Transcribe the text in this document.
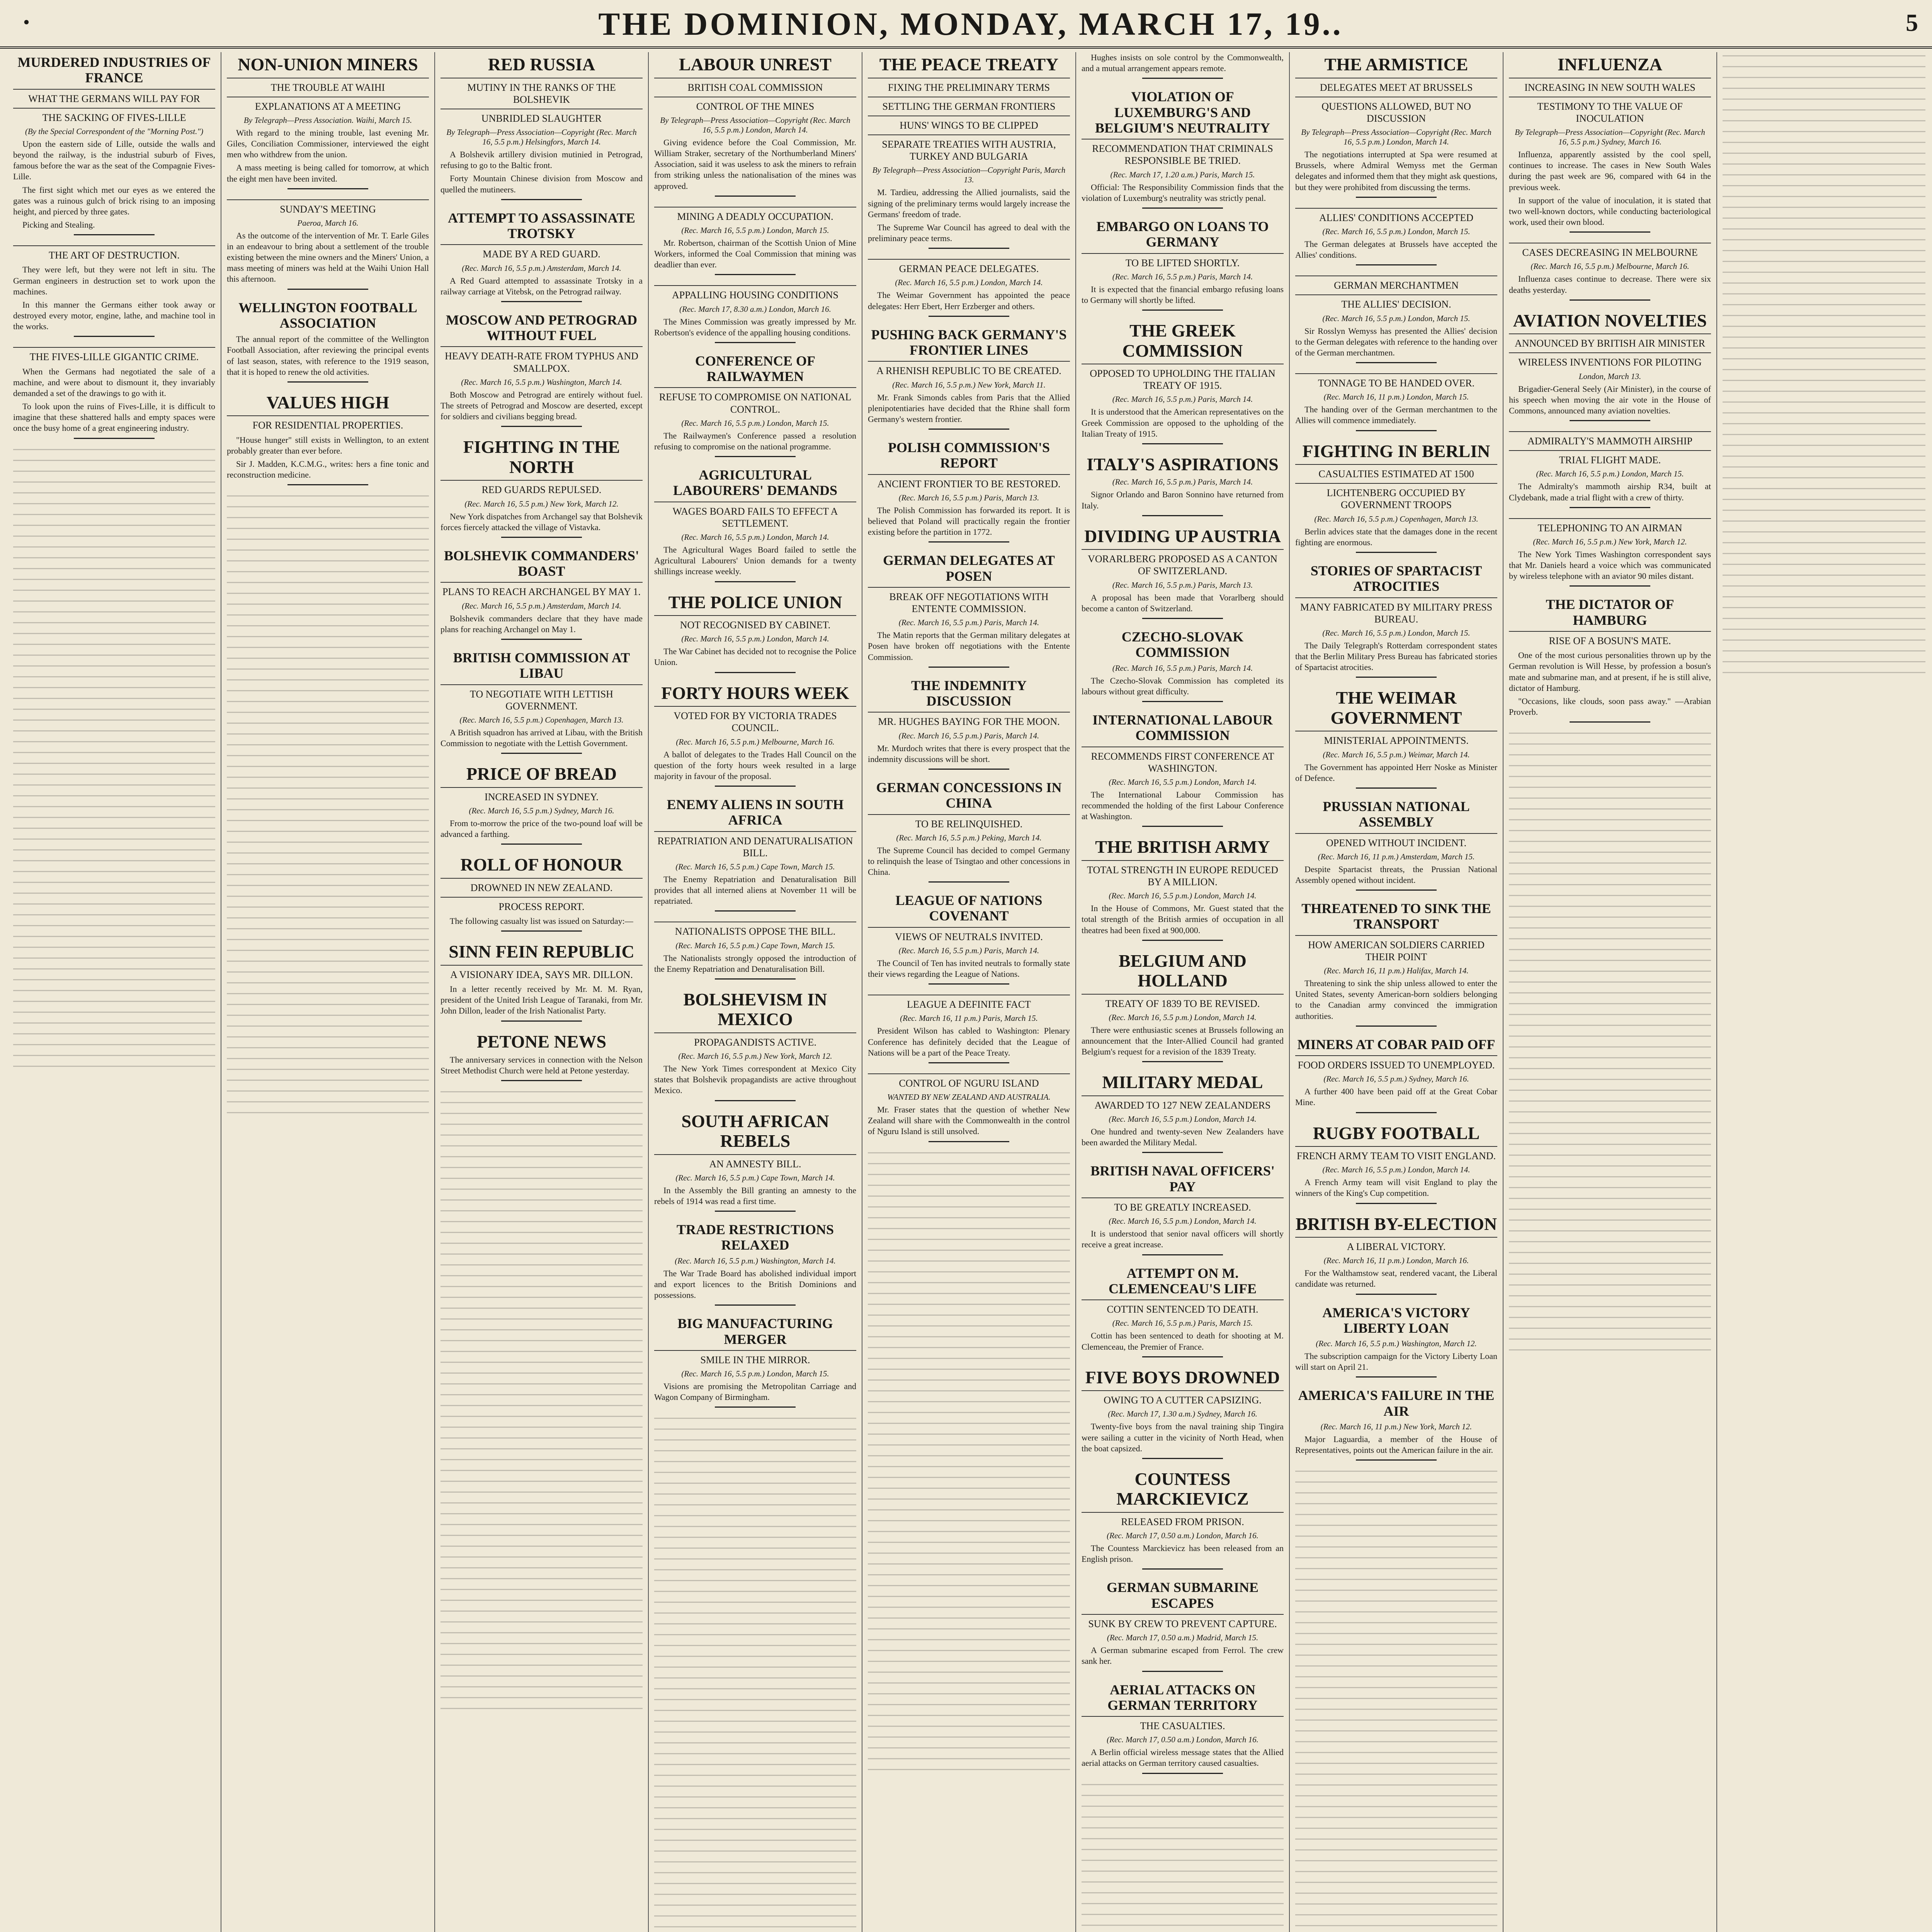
•	THE DOMINION, MONDAY, MARCH 17, 19..	5
MURDERED INDUSTRIES OF FRANCE
WHAT THE GERMANS WILL PAY FOR
THE SACKING OF FIVES-LILLE
(By the Special Correspondent of the "Morning Post.")

Upon the eastern side of Lille, outside the walls and beyond the railway, is the industrial suburb of Fives, famous before the war as the seat of the Compagnie Fives-Lille.

The first sight which met our eyes as we entered the gates was a ruinous gulch of brick rising to an imposing height, and pierced by three gates.

Picking and Stealing.

THE ART OF DESTRUCTION.

They were left, but they were not left in situ. The German engineers in destruction set to work upon the machines.

In this manner the Germans either took away or destroyed every motor, engine, lathe, and machine tool in the works.

THE FIVES-LILLE GIGANTIC CRIME.

When the Germans had negotiated the sale of a machine, and were about to dismount it, they invariably demanded a set of the drawings to go with it.

To look upon the ruins of Fives-Lille, it is difficult to imagine that these shattered halls and empty spaces were once the busy home of a great engineering industry.

NON-UNION MINERS
THE TROUBLE AT WAIHI
EXPLANATIONS AT A MEETING
By Telegraph—Press Association. Waihi, March 15.

With regard to the mining trouble, last evening Mr. Giles, Conciliation Commissioner, interviewed the eight men who withdrew from the union.

A mass meeting is being called for tomorrow, at which the eight men have been invited.

SUNDAY'S MEETING
Paeroa, March 16.

As the outcome of the intervention of Mr. T. Earle Giles in an endeavour to bring about a settlement of the trouble existing between the mine owners and the Miners' Union, a mass meeting of miners was held at the Waihi Union Hall this afternoon.

WELLINGTON FOOTBALL ASSOCIATION

The annual report of the committee of the Wellington Football Association, after reviewing the principal events of last season, states, with reference to the 1919 season, that it is hoped to renew the old activities.

VALUES HIGH
FOR RESIDENTIAL PROPERTIES.

"House hunger" still exists in Wellington, to an extent probably greater than ever before.

Sir J. Madden, K.C.M.G., writes: hers a fine tonic and reconstruction medicine.

RED RUSSIA
MUTINY IN THE RANKS OF THE BOLSHEVIK
UNBRIDLED SLAUGHTER
By Telegraph—Press Association—Copyright (Rec. March 16, 5.5 p.m.) Helsingfors, March 14.

A Bolshevik artillery division mutinied in Petrograd, refusing to go to the Baltic front.

Forty Mountain Chinese division from Moscow and quelled the mutineers.

ATTEMPT TO ASSASSINATE TROTSKY
MADE BY A RED GUARD.
(Rec. March 16, 5.5 p.m.) Amsterdam, March 14.

A Red Guard attempted to assassinate Trotsky in a railway carriage at Vitebsk, on the Petrograd railway.

MOSCOW AND PETROGRAD WITHOUT FUEL
HEAVY DEATH-RATE FROM TYPHUS AND SMALLPOX.
(Rec. March 16, 5.5 p.m.) Washington, March 14.

Both Moscow and Petrograd are entirely without fuel. The streets of Petrograd and Moscow are deserted, except for soldiers and civilians begging bread.

FIGHTING IN THE NORTH
RED GUARDS REPULSED.
(Rec. March 16, 5.5 p.m.) New York, March 12.

New York dispatches from Archangel say that Bolshevik forces fiercely attacked the village of Vistavka.

BOLSHEVIK COMMANDERS' BOAST
PLANS TO REACH ARCHANGEL BY MAY 1.
(Rec. March 16, 5.5 p.m.) Amsterdam, March 14.

Bolshevik commanders declare that they have made plans for reaching Archangel on May 1.

BRITISH COMMISSION AT LIBAU
TO NEGOTIATE WITH LETTISH GOVERNMENT.
(Rec. March 16, 5.5 p.m.) Copenhagen, March 13.

A British squadron has arrived at Libau, with the British Commission to negotiate with the Lettish Government.

PRICE OF BREAD
INCREASED IN SYDNEY.
(Rec. March 16, 5.5 p.m.) Sydney, March 16.

From to-morrow the price of the two-pound loaf will be advanced a farthing.

ROLL OF HONOUR
DROWNED IN NEW ZEALAND.
PROCESS REPORT.

The following casualty list was issued on Saturday:—

SINN FEIN REPUBLIC
A VISIONARY IDEA, SAYS MR. DILLON.

In a letter recently received by Mr. M. M. Ryan, president of the United Irish League of Taranaki, from Mr. John Dillon, leader of the Irish Nationalist Party.

PETONE NEWS

The anniversary services in connection with the Nelson Street Methodist Church were held at Petone yesterday.

LABOUR UNREST
BRITISH COAL COMMISSION
CONTROL OF THE MINES
By Telegraph—Press Association—Copyright (Rec. March 16, 5.5 p.m.) London, March 14.

Giving evidence before the Coal Commission, Mr. William Straker, secretary of the Northumberland Miners' Association, said it was useless to ask the miners to refrain from striking unless the nationalisation of the mines was approved.

MINING A DEADLY OCCUPATION.
(Rec. March 16, 5.5 p.m.) London, March 15.

Mr. Robertson, chairman of the Scottish Union of Mine Workers, informed the Coal Commission that mining was deadlier than ever.

APPALLING HOUSING CONDITIONS
(Rec. March 17, 8.30 a.m.) London, March 16.

The Mines Commission was greatly impressed by Mr. Robertson's evidence of the appalling housing conditions.

CONFERENCE OF RAILWAYMEN
REFUSE TO COMPROMISE ON NATIONAL CONTROL.
(Rec. March 16, 5.5 p.m.) London, March 15.

The Railwaymen's Conference passed a resolution refusing to compromise on the national programme.

AGRICULTURAL LABOURERS' DEMANDS
WAGES BOARD FAILS TO EFFECT A SETTLEMENT.
(Rec. March 16, 5.5 p.m.) London, March 14.

The Agricultural Wages Board failed to settle the Agricultural Labourers' Union demands for a twenty shillings increase weekly.

THE POLICE UNION
NOT RECOGNISED BY CABINET.
(Rec. March 16, 5.5 p.m.) London, March 14.

The War Cabinet has decided not to recognise the Police Union.

FORTY HOURS WEEK
VOTED FOR BY VICTORIA TRADES COUNCIL.
(Rec. March 16, 5.5 p.m.) Melbourne, March 16.

A ballot of delegates to the Trades Hall Council on the question of the forty hours week resulted in a large majority in favour of the proposal.

ENEMY ALIENS IN SOUTH AFRICA
REPATRIATION AND DENATURALISATION BILL.
(Rec. March 16, 5.5 p.m.) Cape Town, March 15.

The Enemy Repatriation and Denaturalisation Bill provides that all interned aliens at November 11 will be repatriated.

NATIONALISTS OPPOSE THE BILL.
(Rec. March 16, 5.5 p.m.) Cape Town, March 15.

The Nationalists strongly opposed the introduction of the Enemy Repatriation and Denaturalisation Bill.

BOLSHEVISM IN MEXICO
PROPAGANDISTS ACTIVE.
(Rec. March 16, 5.5 p.m.) New York, March 12.

The New York Times correspondent at Mexico City states that Bolshevik propagandists are active throughout Mexico.

SOUTH AFRICAN REBELS
AN AMNESTY BILL.
(Rec. March 16, 5.5 p.m.) Cape Town, March 14.

In the Assembly the Bill granting an amnesty to the rebels of 1914 was read a first time.

TRADE RESTRICTIONS RELAXED
(Rec. March 16, 5.5 p.m.) Washington, March 14.

The War Trade Board has abolished individual import and export licences to the British Dominions and possessions.

BIG MANUFACTURING MERGER
SMILE IN THE MIRROR.
(Rec. March 16, 5.5 p.m.) London, March 15.

Visions are promising the Metropolitan Carriage and Wagon Company of Birmingham.

THE PEACE TREATY
FIXING THE PRELIMINARY TERMS
SETTLING THE GERMAN FRONTIERS
HUNS' WINGS TO BE CLIPPED
SEPARATE TREATIES WITH AUSTRIA, TURKEY AND BULGARIA
By Telegraph—Press Association—Copyright Paris, March 13.

M. Tardieu, addressing the Allied journalists, said the signing of the preliminary terms would largely increase the Germans' freedom of trade.

The Supreme War Council has agreed to deal with the preliminary peace terms.

GERMAN PEACE DELEGATES.
(Rec. March 16, 5.5 p.m.) London, March 14.

The Weimar Government has appointed the peace delegates: Herr Ebert, Herr Erzberger and others.

PUSHING BACK GERMANY'S FRONTIER LINES
A RHENISH REPUBLIC TO BE CREATED.
(Rec. March 16, 5.5 p.m.) New York, March 11.

Mr. Frank Simonds cables from Paris that the Allied plenipotentiaries have decided that the Rhine shall form Germany's western frontier.

POLISH COMMISSION'S REPORT
ANCIENT FRONTIER TO BE RESTORED.
(Rec. March 16, 5.5 p.m.) Paris, March 13.

The Polish Commission has forwarded its report. It is believed that Poland will practically regain the frontier existing before the partition in 1772.

GERMAN DELEGATES AT POSEN
BREAK OFF NEGOTIATIONS WITH ENTENTE COMMISSION.
(Rec. March 16, 5.5 p.m.) Paris, March 14.

The Matin reports that the German military delegates at Posen have broken off negotiations with the Entente Commission.

THE INDEMNITY DISCUSSION
MR. HUGHES BAYING FOR THE MOON.
(Rec. March 16, 5.5 p.m.) Paris, March 14.

Mr. Murdoch writes that there is every prospect that the indemnity discussions will be short.

GERMAN CONCESSIONS IN CHINA
TO BE RELINQUISHED.
(Rec. March 16, 5.5 p.m.) Peking, March 14.

The Supreme Council has decided to compel Germany to relinquish the lease of Tsingtao and other concessions in China.

LEAGUE OF NATIONS COVENANT
VIEWS OF NEUTRALS INVITED.
(Rec. March 16, 5.5 p.m.) Paris, March 14.

The Council of Ten has invited neutrals to formally state their views regarding the League of Nations.

LEAGUE A DEFINITE FACT
(Rec. March 16, 11 p.m.) Paris, March 15.

President Wilson has cabled to Washington: Plenary Conference has definitely decided that the League of Nations will be a part of the Peace Treaty.

CONTROL OF NGURU ISLAND
WANTED BY NEW ZEALAND AND AUSTRALIA.

Mr. Fraser states that the question of whether New Zealand will share with the Commonwealth in the control of Nguru Island is still unsolved.

Hughes insists on sole control by the Commonwealth, and a mutual arrangement appears remote.

VIOLATION OF LUXEMBURG'S AND BELGIUM'S NEUTRALITY
RECOMMENDATION THAT CRIMINALS RESPONSIBLE BE TRIED.
(Rec. March 17, 1.20 a.m.) Paris, March 15.

Official: The Responsibility Commission finds that the violation of Luxemburg's neutrality was strictly penal.

EMBARGO ON LOANS TO GERMANY
TO BE LIFTED SHORTLY.
(Rec. March 16, 5.5 p.m.) Paris, March 14.

It is expected that the financial embargo refusing loans to Germany will shortly be lifted.

THE GREEK COMMISSION
OPPOSED TO UPHOLDING THE ITALIAN TREATY OF 1915.
(Rec. March 16, 5.5 p.m.) Paris, March 14.

It is understood that the American representatives on the Greek Commission are opposed to the upholding of the Italian Treaty of 1915.

ITALY'S ASPIRATIONS
(Rec. March 16, 5.5 p.m.) Paris, March 14.

Signor Orlando and Baron Sonnino have returned from Italy.

DIVIDING UP AUSTRIA
VORARLBERG PROPOSED AS A CANTON OF SWITZERLAND.
(Rec. March 16, 5.5 p.m.) Paris, March 13.

A proposal has been made that Vorarlberg should become a canton of Switzerland.

CZECHO-SLOVAK COMMISSION
(Rec. March 16, 5.5 p.m.) Paris, March 14.

The Czecho-Slovak Commission has completed its labours without great difficulty.

INTERNATIONAL LABOUR COMMISSION
RECOMMENDS FIRST CONFERENCE AT WASHINGTON.
(Rec. March 16, 5.5 p.m.) London, March 14.

The International Labour Commission has recommended the holding of the first Labour Conference at Washington.

THE BRITISH ARMY
TOTAL STRENGTH IN EUROPE REDUCED BY A MILLION.
(Rec. March 16, 5.5 p.m.) London, March 14.

In the House of Commons, Mr. Guest stated that the total strength of the British armies of occupation in all theatres had been fixed at 900,000.

BELGIUM AND HOLLAND
TREATY OF 1839 TO BE REVISED.
(Rec. March 16, 5.5 p.m.) London, March 14.

There were enthusiastic scenes at Brussels following an announcement that the Inter-Allied Council had granted Belgium's request for a revision of the 1839 Treaty.

MILITARY MEDAL
AWARDED TO 127 NEW ZEALANDERS
(Rec. March 16, 5.5 p.m.) London, March 14.

One hundred and twenty-seven New Zealanders have been awarded the Military Medal.

BRITISH NAVAL OFFICERS' PAY
TO BE GREATLY INCREASED.
(Rec. March 16, 5.5 p.m.) London, March 14.

It is understood that senior naval officers will shortly receive a great increase.

ATTEMPT ON M. CLEMENCEAU'S LIFE
COTTIN SENTENCED TO DEATH.
(Rec. March 16, 5.5 p.m.) Paris, March 15.

Cottin has been sentenced to death for shooting at M. Clemenceau, the Premier of France.

FIVE BOYS DROWNED
OWING TO A CUTTER CAPSIZING.
(Rec. March 17, 1.30 a.m.) Sydney, March 16.

Twenty-five boys from the naval training ship Tingira were sailing a cutter in the vicinity of North Head, when the boat capsized.

COUNTESS MARCKIEVICZ
RELEASED FROM PRISON.
(Rec. March 17, 0.50 a.m.) London, March 16.

The Countess Marckievicz has been released from an English prison.

GERMAN SUBMARINE ESCAPES
SUNK BY CREW TO PREVENT CAPTURE.
(Rec. March 17, 0.50 a.m.) Madrid, March 15.

A German submarine escaped from Ferrol. The crew sank her.

AERIAL ATTACKS ON GERMAN TERRITORY
THE CASUALTIES.
(Rec. March 17, 0.50 a.m.) London, March 16.

A Berlin official wireless message states that the Allied aerial attacks on German territory caused casualties.

THE ARMISTICE
DELEGATES MEET AT BRUSSELS
QUESTIONS ALLOWED, BUT NO DISCUSSION
By Telegraph—Press Association—Copyright (Rec. March 16, 5.5 p.m.) London, March 14.

The negotiations interrupted at Spa were resumed at Brussels, where Admiral Wemyss met the German delegates and informed them that they might ask questions, but they were prohibited from discussing the terms.

ALLIES' CONDITIONS ACCEPTED
(Rec. March 16, 5.5 p.m.) London, March 15.

The German delegates at Brussels have accepted the Allies' conditions.

GERMAN MERCHANTMEN
THE ALLIES' DECISION.
(Rec. March 16, 5.5 p.m.) London, March 15.

Sir Rosslyn Wemyss has presented the Allies' decision to the German delegates with reference to the handing over of the German merchantmen.

TONNAGE TO BE HANDED OVER.
(Rec. March 16, 11 p.m.) London, March 15.

The handing over of the German merchantmen to the Allies will commence immediately.

FIGHTING IN BERLIN
CASUALTIES ESTIMATED AT 1500
LICHTENBERG OCCUPIED BY GOVERNMENT TROOPS
(Rec. March 16, 5.5 p.m.) Copenhagen, March 13.

Berlin advices state that the damages done in the recent fighting are enormous.

STORIES OF SPARTACIST ATROCITIES
MANY FABRICATED BY MILITARY PRESS BUREAU.
(Rec. March 16, 5.5 p.m.) London, March 15.

The Daily Telegraph's Rotterdam correspondent states that the Berlin Military Press Bureau has fabricated stories of Spartacist atrocities.

THE WEIMAR GOVERNMENT
MINISTERIAL APPOINTMENTS.
(Rec. March 16, 5.5 p.m.) Weimar, March 14.

The Government has appointed Herr Noske as Minister of Defence.

PRUSSIAN NATIONAL ASSEMBLY
OPENED WITHOUT INCIDENT.
(Rec. March 16, 11 p.m.) Amsterdam, March 15.

Despite Spartacist threats, the Prussian National Assembly opened without incident.

THREATENED TO SINK THE TRANSPORT
HOW AMERICAN SOLDIERS CARRIED THEIR POINT
(Rec. March 16, 11 p.m.) Halifax, March 14.

Threatening to sink the ship unless allowed to enter the United States, seventy American-born soldiers belonging to the Canadian army convinced the immigration authorities.

MINERS AT COBAR PAID OFF
FOOD ORDERS ISSUED TO UNEMPLOYED.
(Rec. March 16, 5.5 p.m.) Sydney, March 16.

A further 400 have been paid off at the Great Cobar Mine.

RUGBY FOOTBALL
FRENCH ARMY TEAM TO VISIT ENGLAND.
(Rec. March 16, 5.5 p.m.) London, March 14.

A French Army team will visit England to play the winners of the King's Cup competition.

BRITISH BY-ELECTION
A LIBERAL VICTORY.
(Rec. March 16, 11 p.m.) London, March 16.

For the Walthamstow seat, rendered vacant, the Liberal candidate was returned.

AMERICA'S VICTORY LIBERTY LOAN
(Rec. March 16, 5.5 p.m.) Washington, March 12.

The subscription campaign for the Victory Liberty Loan will start on April 21.

AMERICA'S FAILURE IN THE AIR
(Rec. March 16, 11 p.m.) New York, March 12.

Major Laguardia, a member of the House of Representatives, points out the American failure in the air.

INFLUENZA
INCREASING IN NEW SOUTH WALES
TESTIMONY TO THE VALUE OF INOCULATION
By Telegraph—Press Association—Copyright (Rec. March 16, 5.5 p.m.) Sydney, March 16.

Influenza, apparently assisted by the cool spell, continues to increase. The cases in New South Wales during the past week are 96, compared with 64 in the previous week.

In support of the value of inoculation, it is stated that two well-known doctors, while conducting bacteriological work, used their own blood.

CASES DECREASING IN MELBOURNE
(Rec. March 16, 5.5 p.m.) Melbourne, March 16.

Influenza cases continue to decrease. There were six deaths yesterday.

AVIATION NOVELTIES
ANNOUNCED BY BRITISH AIR MINISTER
WIRELESS INVENTIONS FOR PILOTING
London, March 13.

Brigadier-General Seely (Air Minister), in the course of his speech when moving the air vote in the House of Commons, announced many aviation novelties.

ADMIRALTY'S MAMMOTH AIRSHIP
TRIAL FLIGHT MADE.
(Rec. March 16, 5.5 p.m.) London, March 15.

The Admiralty's mammoth airship R34, built at Clydebank, made a trial flight with a crew of thirty.

TELEPHONING TO AN AIRMAN
(Rec. March 16, 5.5 p.m.) New York, March 12.

The New York Times Washington correspondent says that Mr. Daniels heard a voice which was communicated by wireless telephone with an aviator 90 miles distant.

THE DICTATOR OF HAMBURG
RISE OF A BOSUN'S MATE.

One of the most curious personalities thrown up by the German revolution is Will Hesse, by profession a bosun's mate and submarine man, and at present, if he is still alive, dictator of Hamburg.

"Occasions, like clouds, soon pass away." —Arabian Proverb.
